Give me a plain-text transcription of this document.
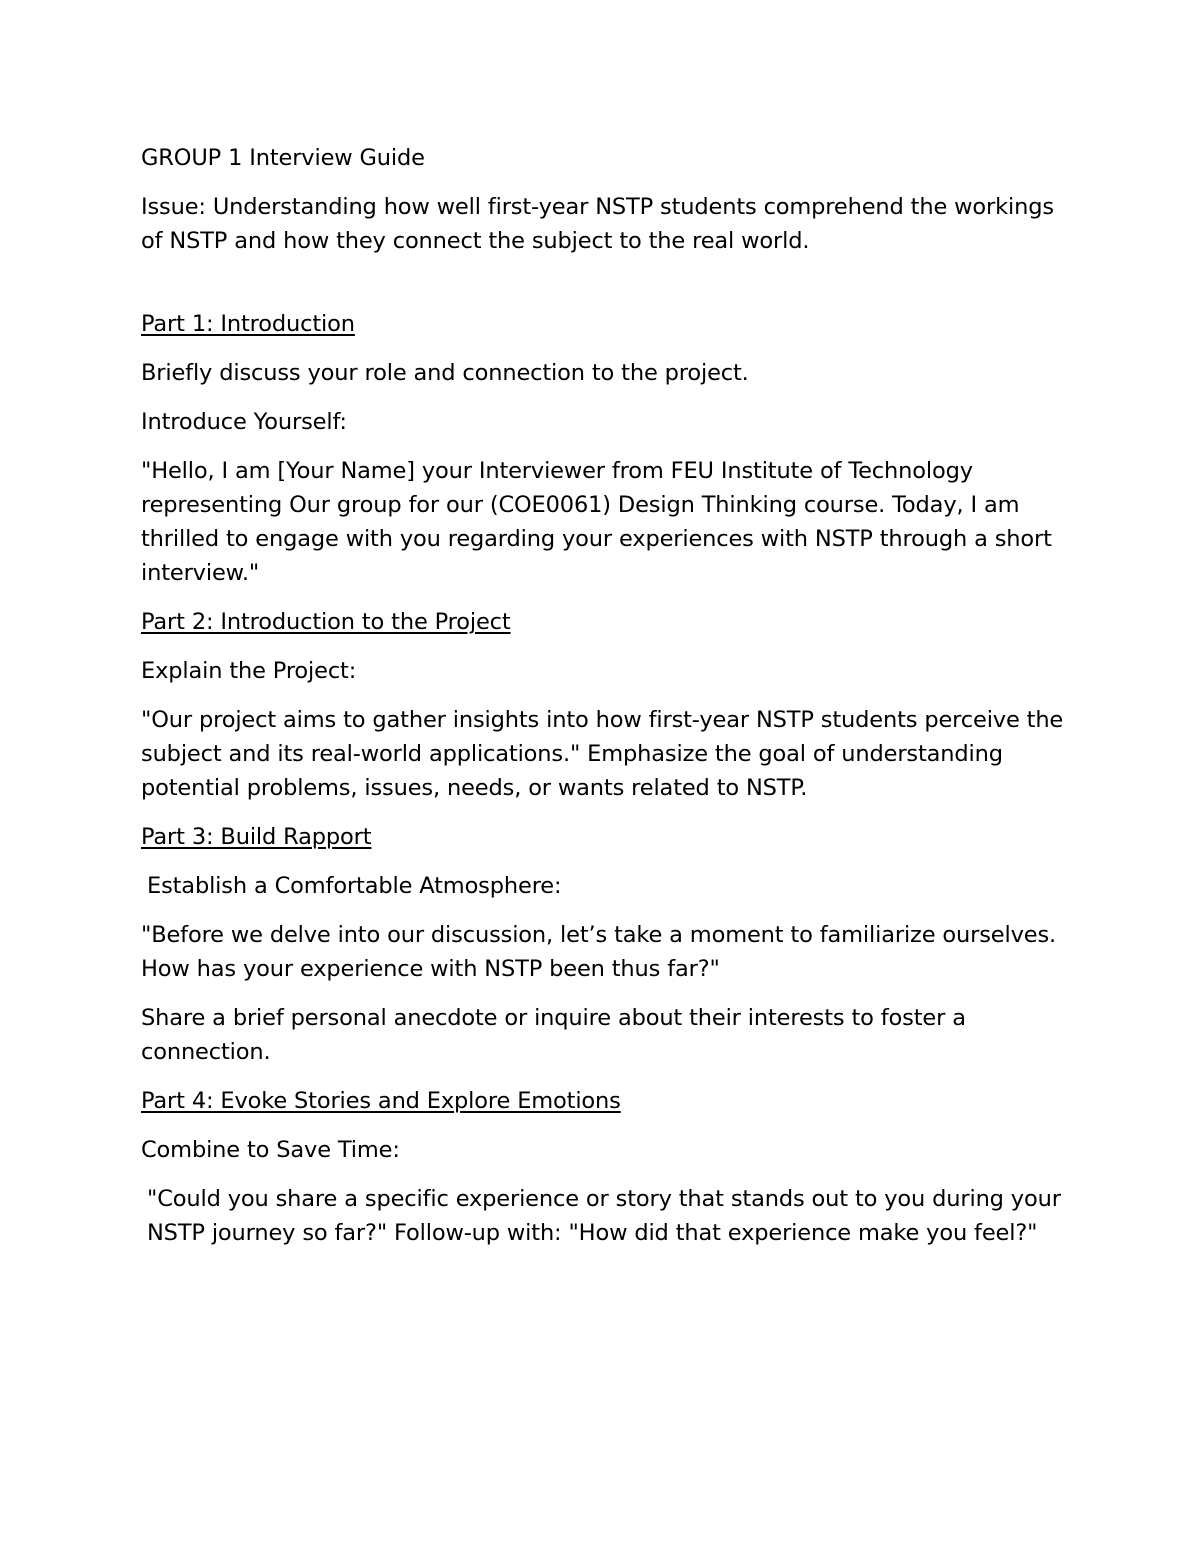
GROUP 1 Interview Guide

Issue: Understanding how well first-year NSTP students comprehend the workings of NSTP and how they connect the subject to the real world.

Part 1: Introduction

Briefly discuss your role and connection to the project.

Introduce Yourself:

"Hello, I am [Your Name] your Interviewer from FEU Institute of Technology representing Our group for our (COE0061) Design Thinking course. Today, I am thrilled to engage with you regarding your experiences with NSTP through a short interview."

Part 2: Introduction to the Project

Explain the Project:

"Our project aims to gather insights into how first-year NSTP students perceive the subject and its real-world applications." Emphasize the goal of understanding potential problems, issues, needs, or wants related to NSTP.

Part 3: Build Rapport

Establish a Comfortable Atmosphere:

"Before we delve into our discussion, let’s take a moment to familiarize ourselves. How has your experience with NSTP been thus far?"

Share a brief personal anecdote or inquire about their interests to foster a connection.

Part 4: Evoke Stories and Explore Emotions

Combine to Save Time:

"Could you share a specific experience or story that stands out to you during your NSTP journey so far?" Follow-up with: "How did that experience make you feel?"
